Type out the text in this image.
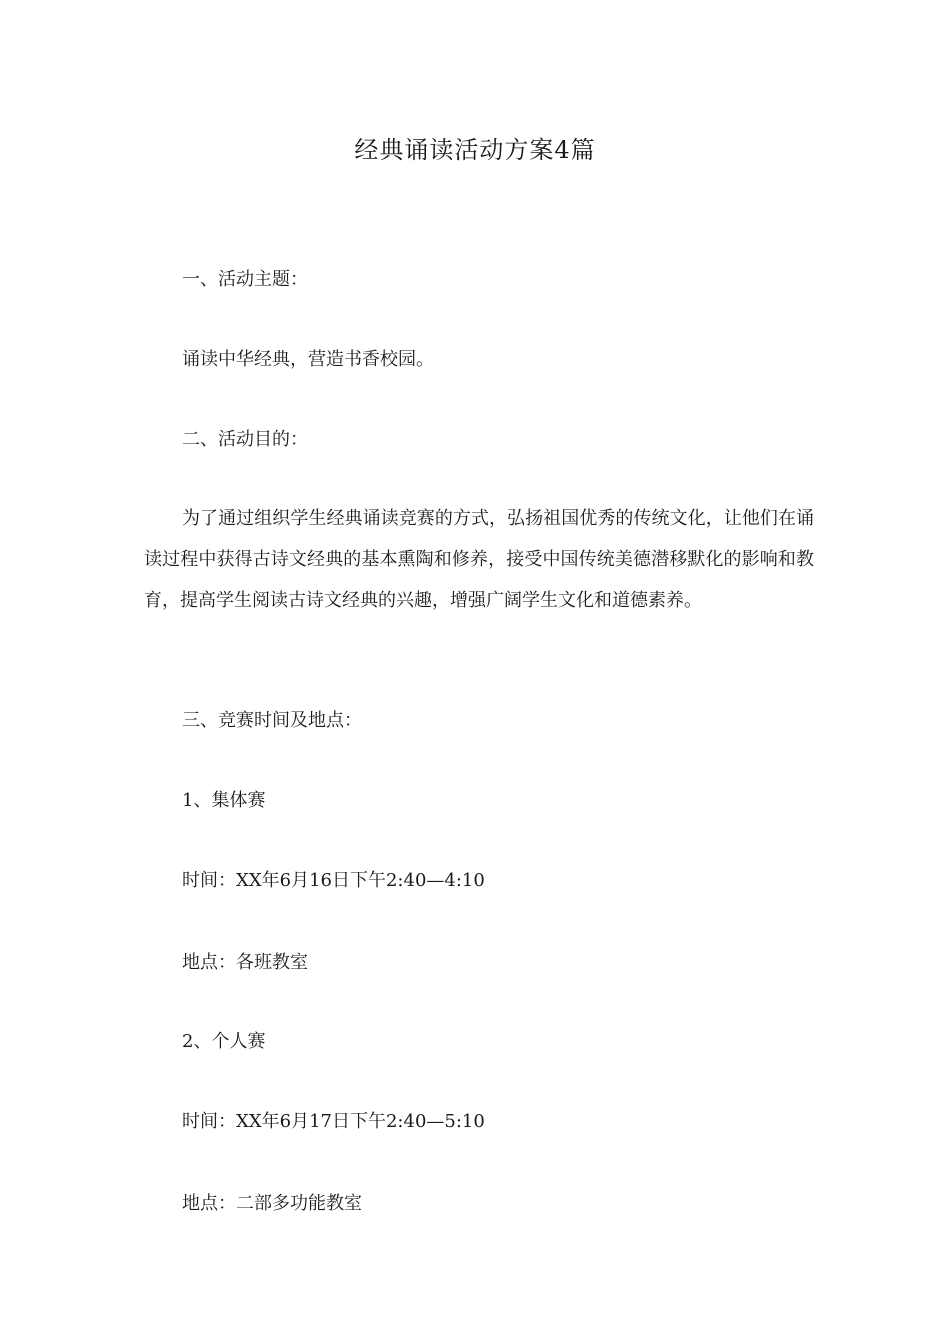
经典诵读活动方案4篇
一、活动主题：
诵读中华经典，营造书香校园。
二、活动目的：
为了通过组织学生经典诵读竞赛的方式，弘扬祖国优秀的传统文化，让他们在诵读过程中获得古诗文经典的基本熏陶和修养，接受中国传统美德潜移默化的影响和教育，提高学生阅读古诗文经典的兴趣，增强广阔学生文化和道德素养。
三、竞赛时间及地点：
1、集体赛
时间：XX年6月16日下午2:40—4:10
地点：各班教室
2、个人赛
时间：XX年6月17日下午2:40—5:10
地点：二部多功能教室
